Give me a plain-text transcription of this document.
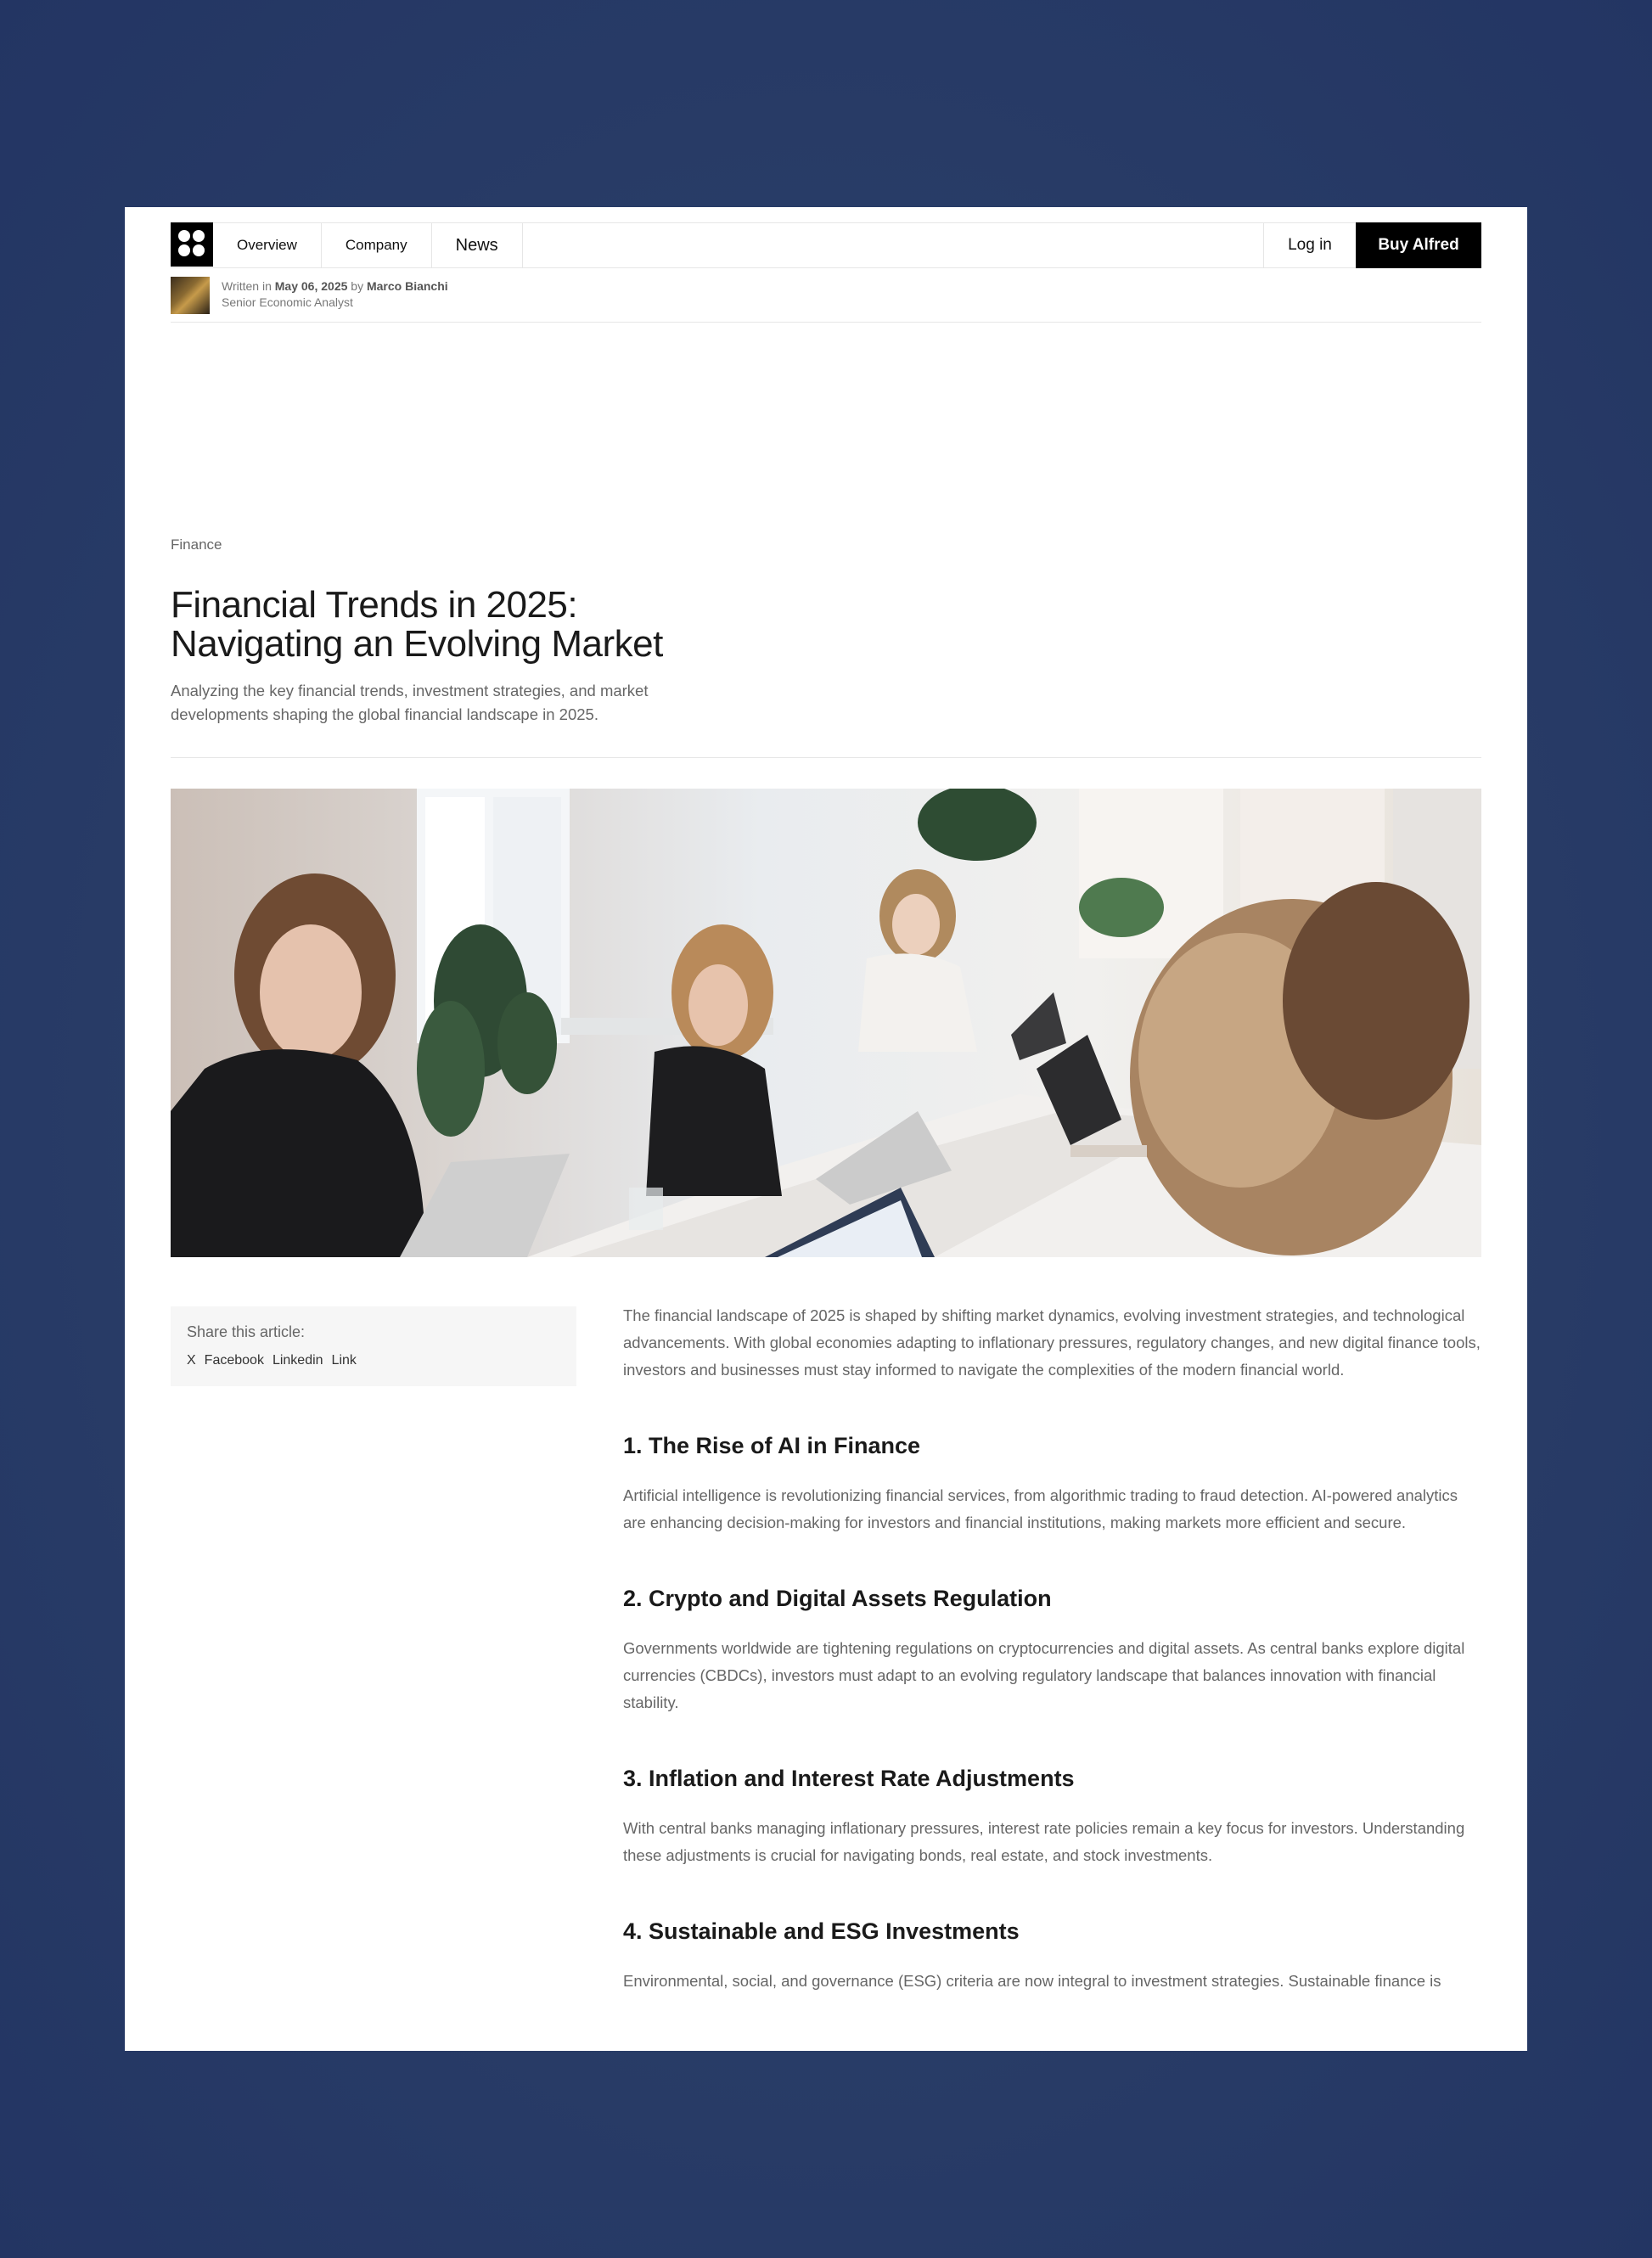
Overview	Company	News	Log in	Buy Alfred
Written in May 06, 2025 by Marco Bianchi
Senior Economic Analyst
Finance
Financial Trends in 2025:
Navigating an Evolving Market

Analyzing the key financial trends, investment strategies, and market developments shaping the global financial landscape in 2025.

Share this article:
X Facebook Linkedin Link

The financial landscape of 2025 is shaped by shifting market dynamics, evolving investment strategies, and technological advancements. With global economies adapting to inflationary pressures, regulatory changes, and new digital finance tools, investors and businesses must stay informed to navigate the complexities of the modern financial world.

1. The Rise of AI in Finance

Artificial intelligence is revolutionizing financial services, from algorithmic trading to fraud detection. AI-powered analytics are enhancing decision-making for investors and financial institutions, making markets more efficient and secure.

2. Crypto and Digital Assets Regulation

Governments worldwide are tightening regulations on cryptocurrencies and digital assets. As central banks explore digital currencies (CBDCs), investors must adapt to an evolving regulatory landscape that balances innovation with financial stability.

3. Inflation and Interest Rate Adjustments

With central banks managing inflationary pressures, interest rate policies remain a key focus for investors. Understanding these adjustments is crucial for navigating bonds, real estate, and stock investments.

4. Sustainable and ESG Investments

Environmental, social, and governance (ESG) criteria are now integral to investment strategies. Sustainable finance is
